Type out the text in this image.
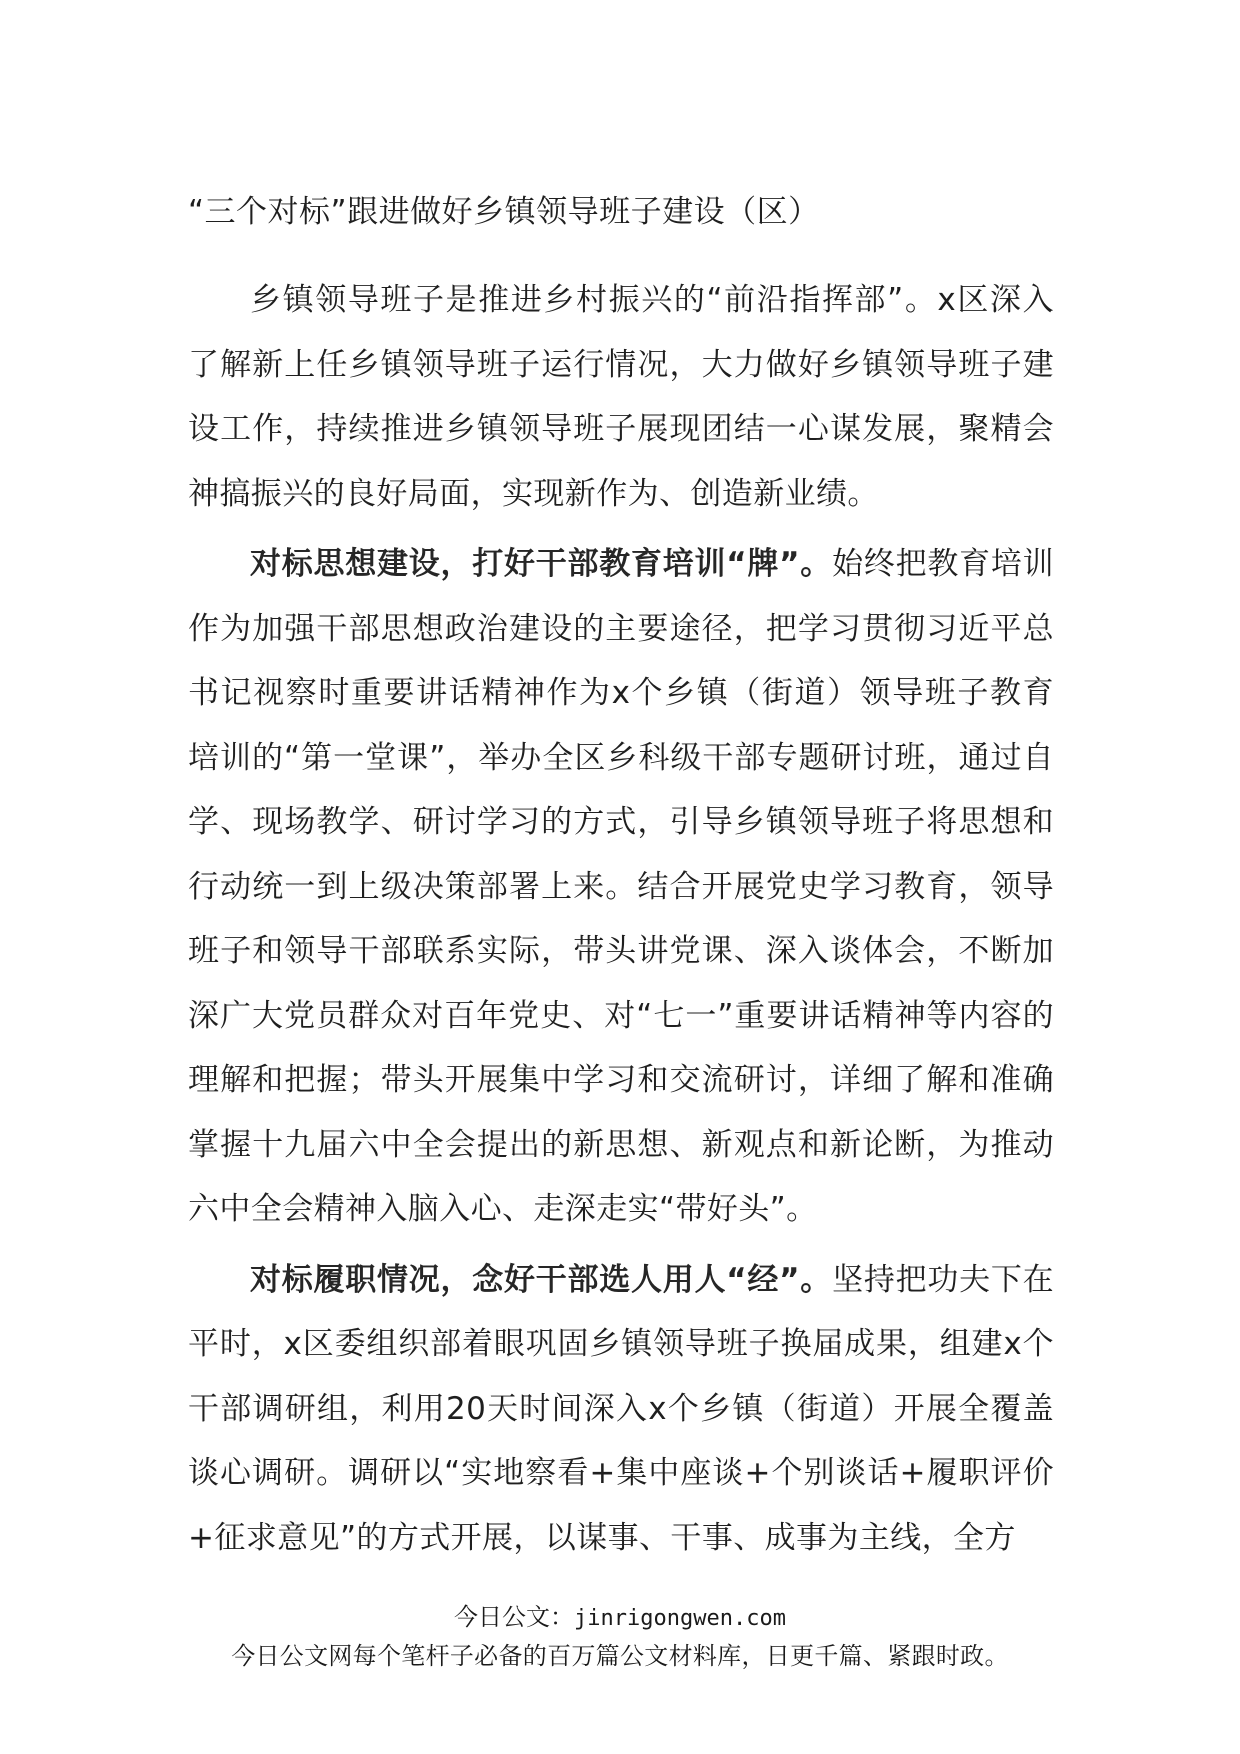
“三个对标”跟进做好乡镇领导班子建设（区）

乡镇领导班子是推进乡村振兴的“前沿指挥部”。x区深入了解新上任乡镇领导班子运行情况，大力做好乡镇领导班子建设工作，持续推进乡镇领导班子展现团结一心谋发展，聚精会神搞振兴的良好局面，实现新作为、创造新业绩。

对标思想建设，打好干部教育培训“牌”。始终把教育培训作为加强干部思想政治建设的主要途径，把学习贯彻习近平总书记视察时重要讲话精神作为x个乡镇（街道）领导班子教育培训的“第一堂课”，举办全区乡科级干部专题研讨班，通过自学、现场教学、研讨学习的方式，引导乡镇领导班子将思想和行动统一到上级决策部署上来。结合开展党史学习教育，领导班子和领导干部联系实际，带头讲党课、深入谈体会，不断加深广大党员群众对百年党史、对“七一”重要讲话精神等内容的理解和把握；带头开展集中学习和交流研讨，详细了解和准确掌握十九届六中全会提出的新思想、新观点和新论断，为推动六中全会精神入脑入心、走深走实“带好头”。

对标履职情况，念好干部选人用人“经”。坚持把功夫下在平时，x区委组织部着眼巩固乡镇领导班子换届成果，组建x个干部调研组，利用20天时间深入x个乡镇（街道）开展全覆盖谈心调研。调研以“实地察看+集中座谈+个别谈话+履职评价+征求意见”的方式开展，以谋事、干事、成事为主线，全方

今日公文：jinrigongwen.com

今日公文网每个笔杆子必备的百万篇公文材料库，日更千篇、紧跟时政。
